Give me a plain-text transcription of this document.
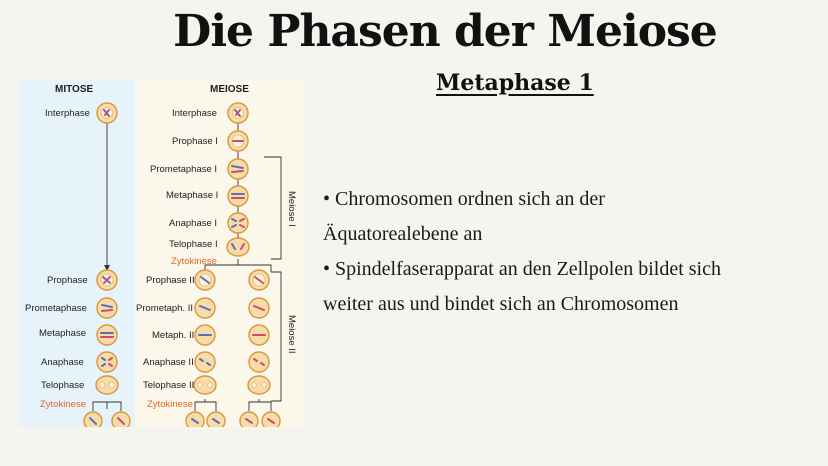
Die Phasen der Meiose
Metaphase 1
• Chromosomen ordnen sich an der
Äquatorealebene an
• Spindelfaserapparat an den Zellpolen bildet sich
weiter aus und bindet sich an Chromosomen
MITOSE	MEIOSE
Interphase
Prophase
Prometaphase
Metaphase
Anaphase
Telophase
Zytokinese
Interphase
Prophase I
Prometaphase I
Metaphase I
Anaphase I
Telophase I
Zytokinese
Prophase II
Prometaph. II
Metaph. II
Anaphase II
Telophase II
Zytokinese
Meiose I
Meiose II
